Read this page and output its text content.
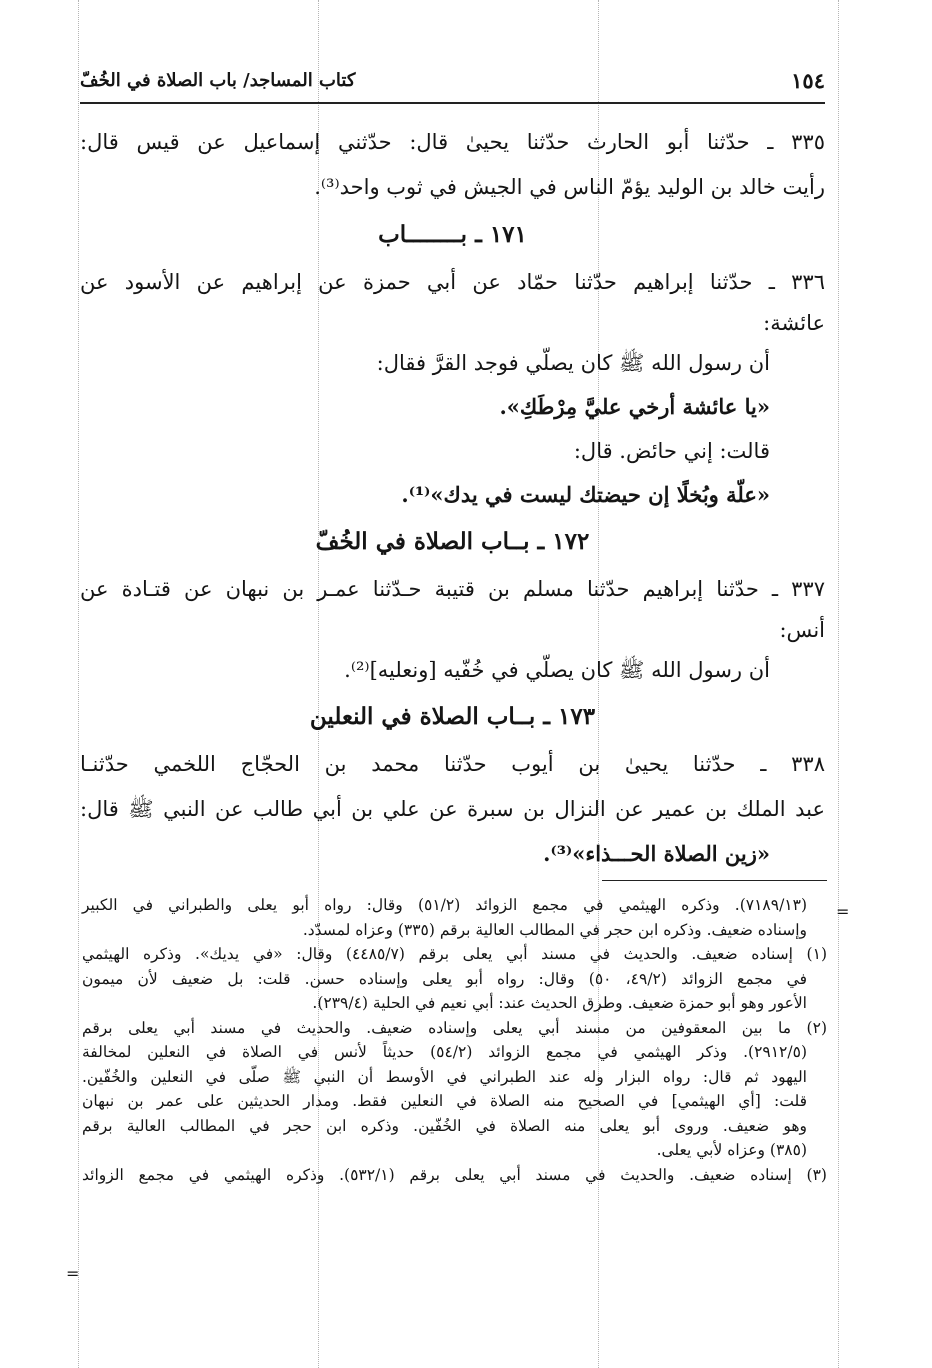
١٥٤
كتاب المساجد/ باب الصلاة في الخُفّ

٣٣٥ ـ حدّثنا أبو الحارث حدّثنا يحيىٰ قال: حدّثني إسماعيل عن قيس قال:

رأيت خالد بن الوليد يؤمّ الناس في الجيش في ثوب واحد⁽³⁾.

١٧١ ـ بــــــــاب

٣٣٦ ـ حدّثنا إبراهيم حدّثنا حمّاد عن أبي حمزة عن إبراهيم عن الأسود عن

عائشة:

أن رسول الله ﷺ كان يصلّي فوجد القرَّ فقال:

«يا عائشة أرخي عليَّ مِرْطَكِ».

قالت: إني حائض. قال:

«علّة وبُخلًا إن حيضتك ليست في يدك»⁽¹⁾.

١٧٢ ـ بــاب الصلاة في الخُفّ

٣٣٧ ـ حدّثنا إبراهيم حدّثنا مسلم بن قتيبة حـدّثنا عمـر بن نبهان عن قتـادة عن

أنس:

أن رسول الله ﷺ كان يصلّي في خُفّيه [ونعليه]⁽²⁾.

١٧٣ ـ بــاب الصلاة في النعلين

٣٣٨ ـ حدّثنا يحيىٰ بن أيوب حدّثنا محمد بن الحجّاج اللخمي حدّثنـا

عبد الملك بن عمير عن النزال بن سبرة عن علي بن أبي طالب عن النبي ﷺ قال:

«زين الصلاة الحـــذاء»⁽³⁾.

=

(٧١٨٩/١٣). وذكره الهيثمي في مجمع الزوائد (٥١/٢) وقال: رواه أبو يعلى والطبراني في الكبير

وإسناده ضعيف. وذكره ابن حجر في المطالب العالية برقم (٣٣٥) وعزاه لمسدّد.

(١) إسناده ضعيف. والحديث في مسند أبي يعلى برقم (٤٤٨٥/٧) وقال: «في يديك». وذكره الهيثمي

في مجمع الزوائد (٤٩/٢، ٥٠) وقال: رواه أبو يعلى وإسناده حسن. قلت: بل ضعيف لأن ميمون

الأعور وهو أبو حمزة ضعيف. وطرق الحديث عند: أبي نعيم في الحلية (٢٣٩/٤).

(٢) ما بين المعقوفين من مسند أبي يعلى وإسناده ضعيف. والحديث في مسند أبي يعلى برقم

(٢٩١٢/٥). وذكر الهيثمي في مجمع الزوائد (٥٤/٢) حديثاً لأنس في الصلاة في النعلين لمخالفة

اليهود ثم قال: رواه البزار وله عند الطبراني في الأوسط أن النبي ﷺ صلّى في النعلين والخُفّين.

قلت: [أي الهيثمي] في الصحيح منه الصلاة في النعلين فقط. ومدار الحديثين على عمر بن نبهان

وهو ضعيف. وروى أبو يعلى منه الصلاة في الخُفّين. وذكره ابن حجر في المطالب العالية برقم

(٣٨٥) وعزاه لأبي يعلى.

(٣) إسناده ضعيف. والحديث في مسند أبي يعلى برقم (٥٣٢/١). وذكره الهيثمي في مجمع الزوائد

=
